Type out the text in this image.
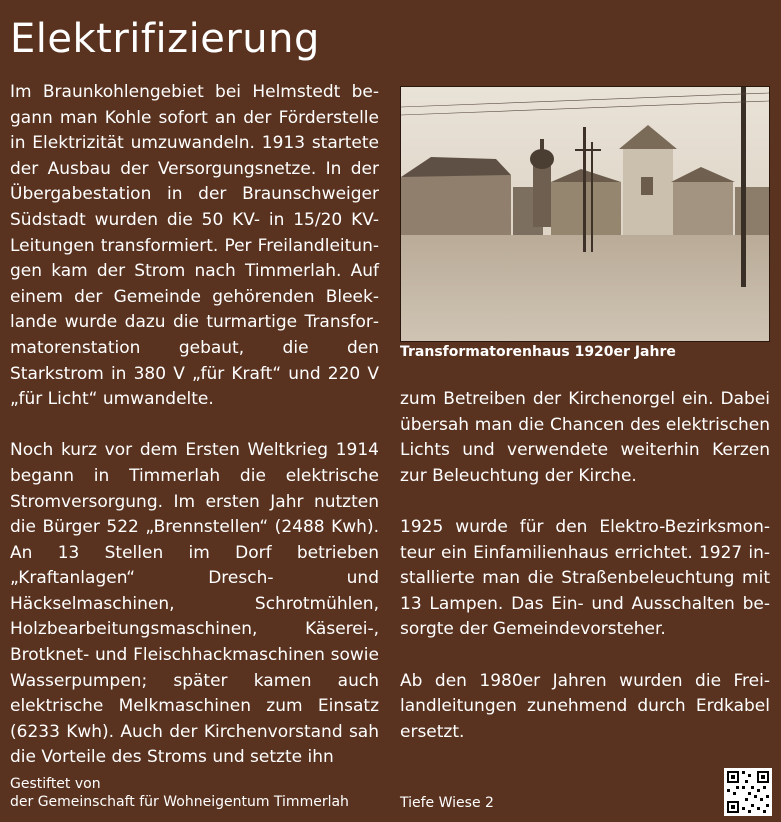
Elektrifizierung

Im Braunkohlengebiet bei Helmstedt begann man Kohle sofort an der Förderstelle in Elektrizität umzuwandeln. 1913 startete der Ausbau der Versorgungsnetze. In der Übergabestation in der Braunschweiger Südstadt wurden die 50 KV- in 15/20 KV-Leitungen transformiert. Per Freilandleitungen kam der Strom nach Timmerlah. Auf einem der Gemeinde gehörenden Bleeklande wurde dazu die turmartige Transformatorenstation gebaut, die den Starkstrom in 380 V „für Kraft“ und 220 V „für Licht“ umwandelte.

Noch kurz vor dem Ersten Weltkrieg 1914 begann in Timmerlah die elektrische Stromversorgung. Im ersten Jahr nutzten die Bürger 522 „Brennstellen“ (2488 Kwh). An 13 Stellen im Dorf betrieben „Kraftanlagen“ Dresch- und Häckselmaschinen, Schrotmühlen, Holzbearbeitungsmaschinen, Käserei-, Brotknet- und Fleischhackmaschinen sowie Wasserpumpen; später kamen auch elektrische Melkmaschinen zum Einsatz (6233 Kwh). Auch der Kirchenvorstand sah die Vorteile des Stroms und setzte ihn

Transformatorenhaus 1920er Jahre

zum Betreiben der Kirchenorgel ein. Dabei übersah man die Chancen des elektrischen Lichts und verwendete weiterhin Kerzen zur Beleuchtung der Kirche.

1925 wurde für den Elektro-Bezirksmonteur ein Einfamilienhaus errichtet. 1927 installierte man die Straßenbeleuchtung mit 13 Lampen. Das Ein- und Ausschalten besorgte der Gemeindevorsteher.

Ab den 1980er Jahren wurden die Freilandleitungen zunehmend durch Erdkabel ersetzt.

Gestiftet von
der Gemeinschaft für Wohneigentum Timmerlah	Tiefe Wiese 2
